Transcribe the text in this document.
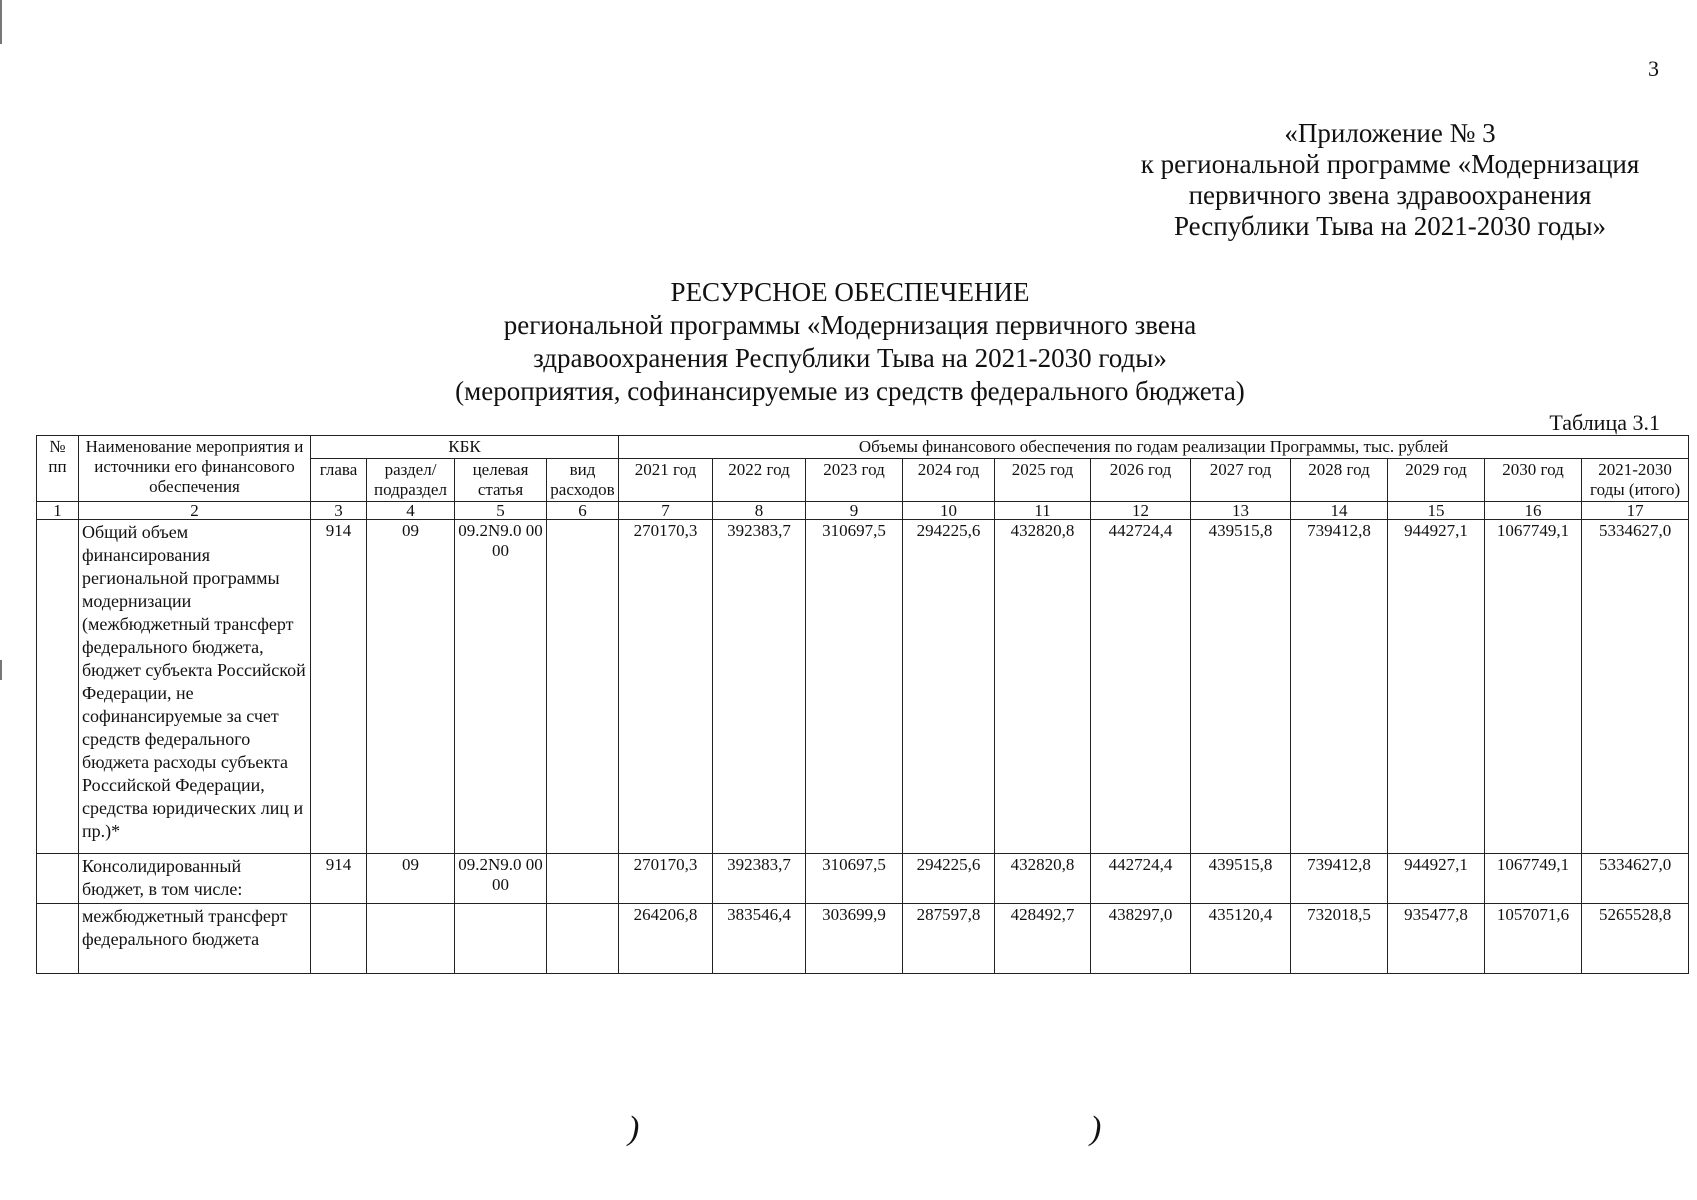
3
«Приложение № 3
к региональной программе «Модернизация
первичного звена здравоохранения
Республики Тыва на 2021-2030 годы»
РЕСУРСНОЕ ОБЕСПЕЧЕНИЕ
региональной программы «Модернизация первичного звена
здравоохранения Республики Тыва на 2021-2030 годы»
(мероприятия, софинансируемые из средств федерального бюджета)
Таблица 3.1
№ пп	Наименование мероприятия и источники его финансового обеспечения	КБК				Объемы финансового обеспечения по годам реализации Программы, тыс. рублей										
		глава	раздел/ подраздел	целевая статья	вид расходов	2021 год	2022 год	2023 год	2024 год	2025 год	2026 год	2027 год	2028 год	2029 год	2030 год	2021-2030 годы (итого)
1	2	3	4	5	6	7	8	9	10	11	12	13	14	15	16	17
	Общий объем финансирования региональной программы модернизации (межбюджетный трансферт федерального бюджета, бюджет субъекта Российской Федерации, не софинансируемые за счет средств федерального бюджета расходы субъекта Российской Федерации, средства юридических лиц и пр.)*	914	09	09.2N9.0 0000		270170,3	392383,7	310697,5	294225,6	432820,8	442724,4	439515,8	739412,8	944927,1	1067749,1	5334627,0
	Консолидированный бюджет, в том числе:	914	09	09.2N9.0 0000		270170,3	392383,7	310697,5	294225,6	432820,8	442724,4	439515,8	739412,8	944927,1	1067749,1	5334627,0
	межбюджетный трансферт федерального бюджета					264206,8	383546,4	303699,9	287597,8	428492,7	438297,0	435120,4	732018,5	935477,8	1057071,6	5265528,8
)	)
